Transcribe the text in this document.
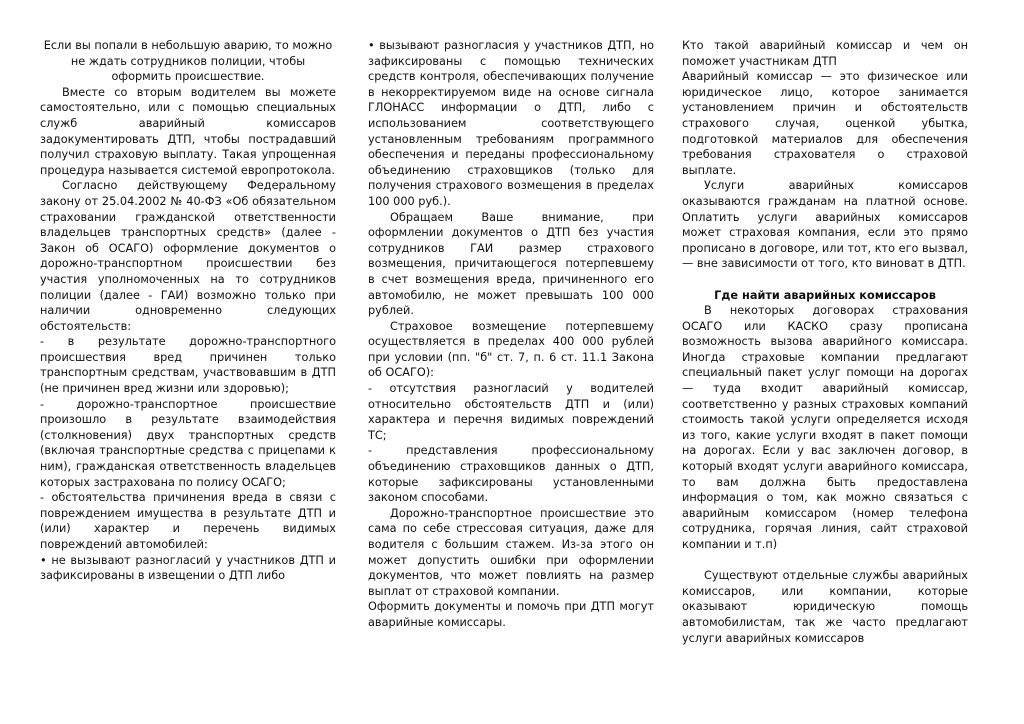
Если вы попали в небольшую аварию, то можно не ждать сотрудников полиции, чтобы оформить происшествие.

Вместе со вторым водителем вы можете самостоятельно, или с помощью специальных служб аварийный комиссаров задокументировать ДТП, чтобы пострадавший получил страховую выплату. Такая упрощенная процедура называется системой европротокола.

Согласно действующему Федеральному закону от 25.04.2002 № 40-ФЗ «Об обязательном страховании гражданской ответственности владельцев транспортных средств» (далее - Закон об ОСАГО) оформление документов о дорожно-транспортном происшествии без участия уполномоченных на то сотрудников полиции (далее - ГАИ) возможно только при наличии одновременно следующих обстоятельств:

- в результате дорожно-транспортного происшествия вред причинен только транспортным средствам, участвовавшим в ДТП (не причинен вред жизни или здоровью);

- дорожно-транспортное происшествие произошло в результате взаимодействия (столкновения) двух транспортных средств (включая транспортные средства с прицепами к ним), гражданская ответственность владельцев которых застрахована по полису ОСАГО;

- обстоятельства причинения вреда в связи с повреждением имущества в результате ДТП и (или) характер и перечень видимых повреждений автомобилей:

• не вызывают разногласий у участников ДТП и зафиксированы в извещении о ДТП либо

• вызывают разногласия у участников ДТП, но зафиксированы с помощью технических средств контроля, обеспечивающих получение в некорректируемом виде на основе сигнала ГЛОНАСС информации о ДТП, либо с использованием соответствующего установленным требованиям программного обеспечения и переданы профессиональному объединению страховщиков (только для получения страхового возмещения в пределах 100 000 руб.).

Обращаем Ваше внимание, при оформлении документов о ДТП без участия сотрудников ГАИ размер страхового возмещения, причитающегося потерпевшему в счет возмещения вреда, причиненного его автомобилю, не может превышать 100 000 рублей.

Страховое возмещение потерпевшему осуществляется в пределах 400 000 рублей при условии (пп. "б" ст. 7, п. 6 ст. 11.1 Закона об ОСАГО):

- отсутствия разногласий у водителей относительно обстоятельств ДТП и (или) характера и перечня видимых повреждений ТС;

- представления профессиональному объединению страховщиков данных о ДТП, которые зафиксированы установленными законом способами.

Дорожно-транспортное происшествие это сама по себе стрессовая ситуация, даже для водителя с большим стажем. Из-за этого он может допустить ошибки при оформлении документов, что может повлиять на размер выплат от страховой компании.

Оформить документы и помочь при ДТП могут аварийные комиссары.

Кто такой аварийный комиссар и чем он поможет участникам ДТП

Аварийный комиссар — это физическое или юридическое лицо, которое занимается установлением причин и обстоятельств страхового случая, оценкой убытка, подготовкой материалов для обеспечения требования страхователя о страховой выплате.

Услуги аварийных комиссаров оказываются гражданам на платной основе. Оплатить услуги аварийных комиссаров может страховая компания, если это прямо прописано в договоре, или тот, кто его вызвал, — вне зависимости от того, кто виноват в ДТП.

Где найти аварийных комиссаров

В некоторых договорах страхования ОСАГО или КАСКО сразу прописана возможность вызова аварийного комиссара. Иногда страховые компании предлагают специальный пакет услуг помощи на дорогах — туда входит аварийный комиссар, соответственно у разных страховых компаний стоимость такой услуги определяется исходя из того, какие услуги входят в пакет помощи на дорогах. Если у вас заключен договор, в который входят услуги аварийного комиссара, то вам должна быть предоставлена информация о том, как можно связаться с аварийным комиссаром (номер телефона сотрудника, горячая линия, сайт страховой компании и т.п)

Существуют отдельные службы аварийных комиссаров, или компании, которые оказывают юридическую помощь автомобилистам, так же часто предлагают услуги аварийных комиссаров
